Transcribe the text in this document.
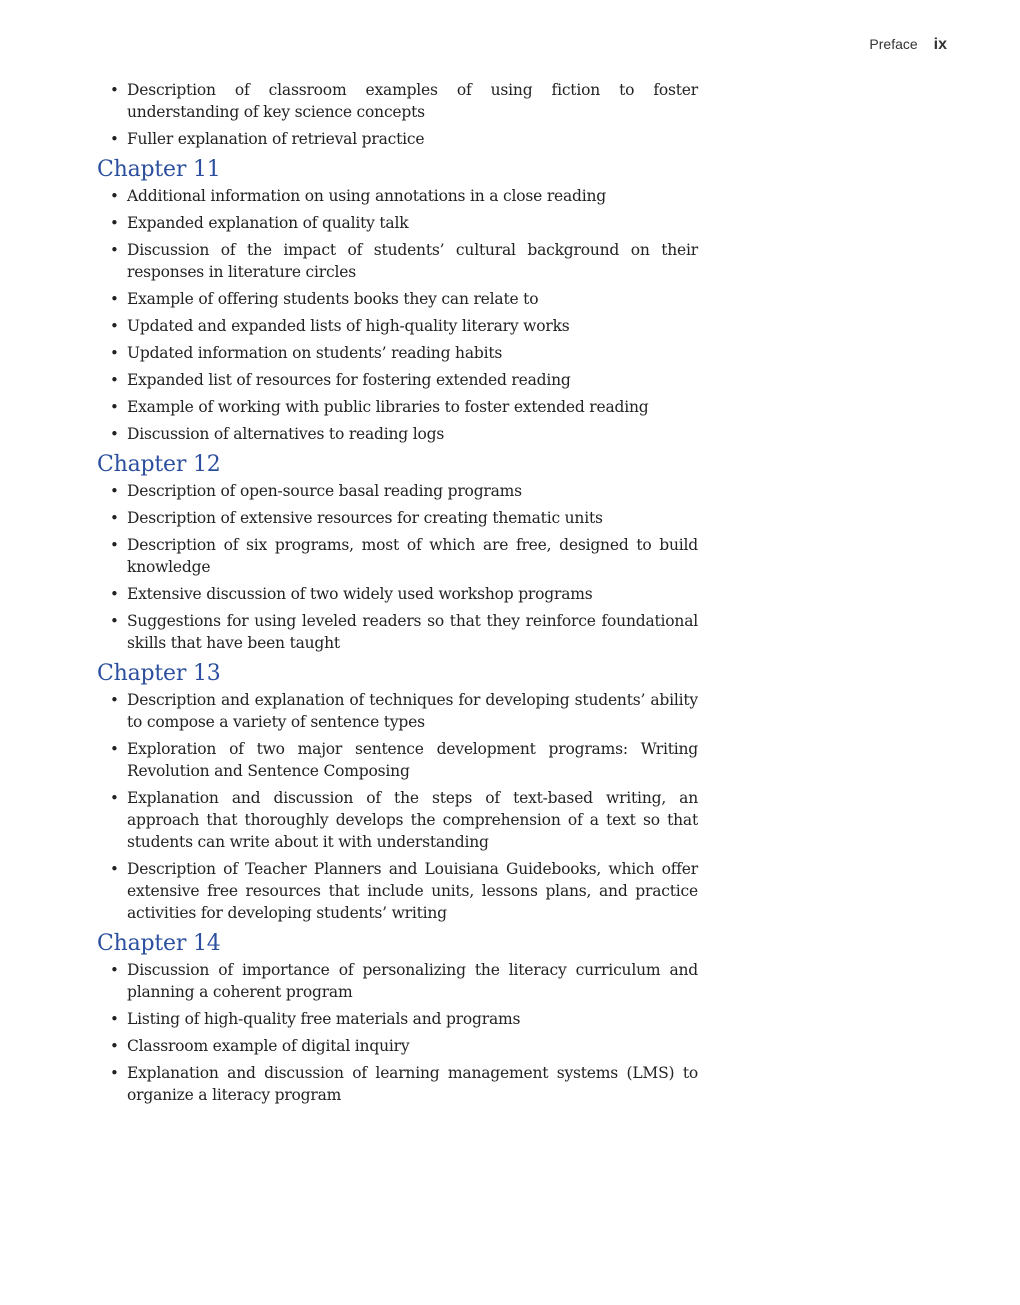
Preface ix
• Description of classroom examples of using fiction to foster understanding of key science concepts
• Fuller explanation of retrieval practice
Chapter 11
• Additional information on using annotations in a close reading
• Expanded explanation of quality talk
• Discussion of the impact of students’ cultural background on their responses in literature circles
• Example of offering students books they can relate to
• Updated and expanded lists of high-quality literary works
• Updated information on students’ reading habits
• Expanded list of resources for fostering extended reading
• Example of working with public libraries to foster extended reading
• Discussion of alternatives to reading logs
Chapter 12
• Description of open-source basal reading programs
• Description of extensive resources for creating thematic units
• Description of six programs, most of which are free, designed to build knowledge
• Extensive discussion of two widely used workshop programs
• Suggestions for using leveled readers so that they reinforce foundational skills that have been taught
Chapter 13
• Description and explanation of techniques for developing students’ ability to compose a variety of sentence types
• Exploration of two major sentence development programs: Writing Revolution and Sentence Composing
• Explanation and discussion of the steps of text-based writing, an approach that thoroughly develops the comprehension of a text so that students can write about it with understanding
• Description of Teacher Planners and Louisiana Guidebooks, which offer extensive free resources that include units, lessons plans, and practice activities for developing students’ writing
Chapter 14
• Discussion of importance of personalizing the literacy curriculum and planning a coherent program
• Listing of high-quality free materials and programs
• Classroom example of digital inquiry
• Explanation and discussion of learning management systems (LMS) to organize a literacy program
